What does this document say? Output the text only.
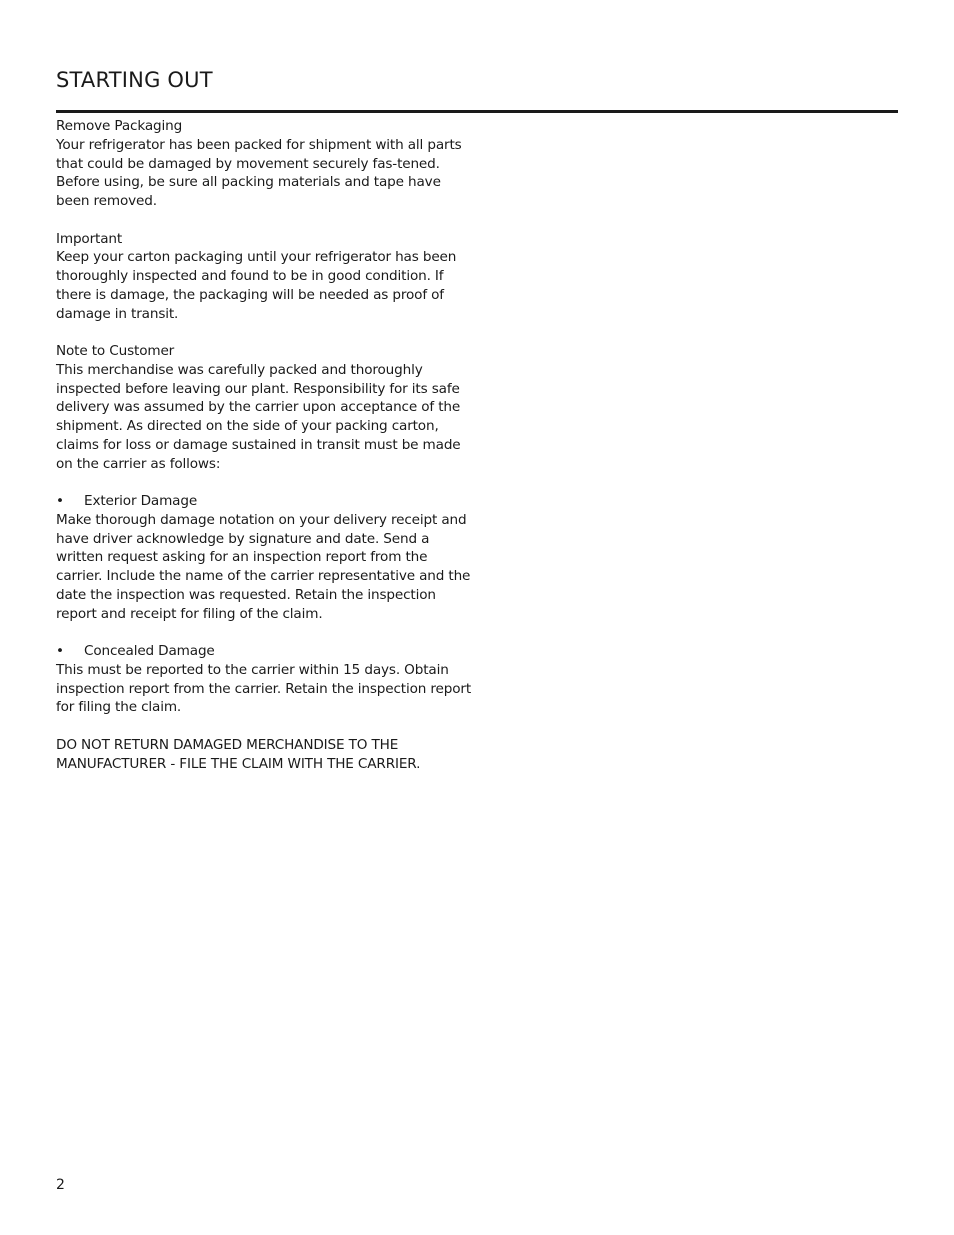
STARTING OUT
Remove Packaging
Your refrigerator has been packed for shipment with all parts that could be damaged by movement securely fas-tened. Before using, be sure all packing materials and tape have been removed.
Important
Keep your carton packaging until your refrigerator has been thoroughly inspected and found to be in good condition. If there is damage, the packaging will be needed as proof of damage in transit.
Note to Customer
This merchandise was carefully packed and thoroughly inspected before leaving our plant. Responsibility for its safe delivery was assumed by the carrier upon acceptance of the shipment. As directed on the side of your packing carton, claims for loss or damage sustained in transit must be made on the carrier as follows:
• Exterior Damage
Make thorough damage notation on your delivery receipt and have driver acknowledge by signature and date. Send a written request asking for an inspection report from the carrier. Include the name of the carrier representative and the date the inspection was requested. Retain the inspection report and receipt for filing of the claim.
• Concealed Damage
This must be reported to the carrier within 15 days. Obtain inspection report from the carrier. Retain the inspection report for filing the claim.
DO NOT RETURN DAMAGED MERCHANDISE TO THE MANUFACTURER - FILE THE CLAIM WITH THE CARRIER.
2
